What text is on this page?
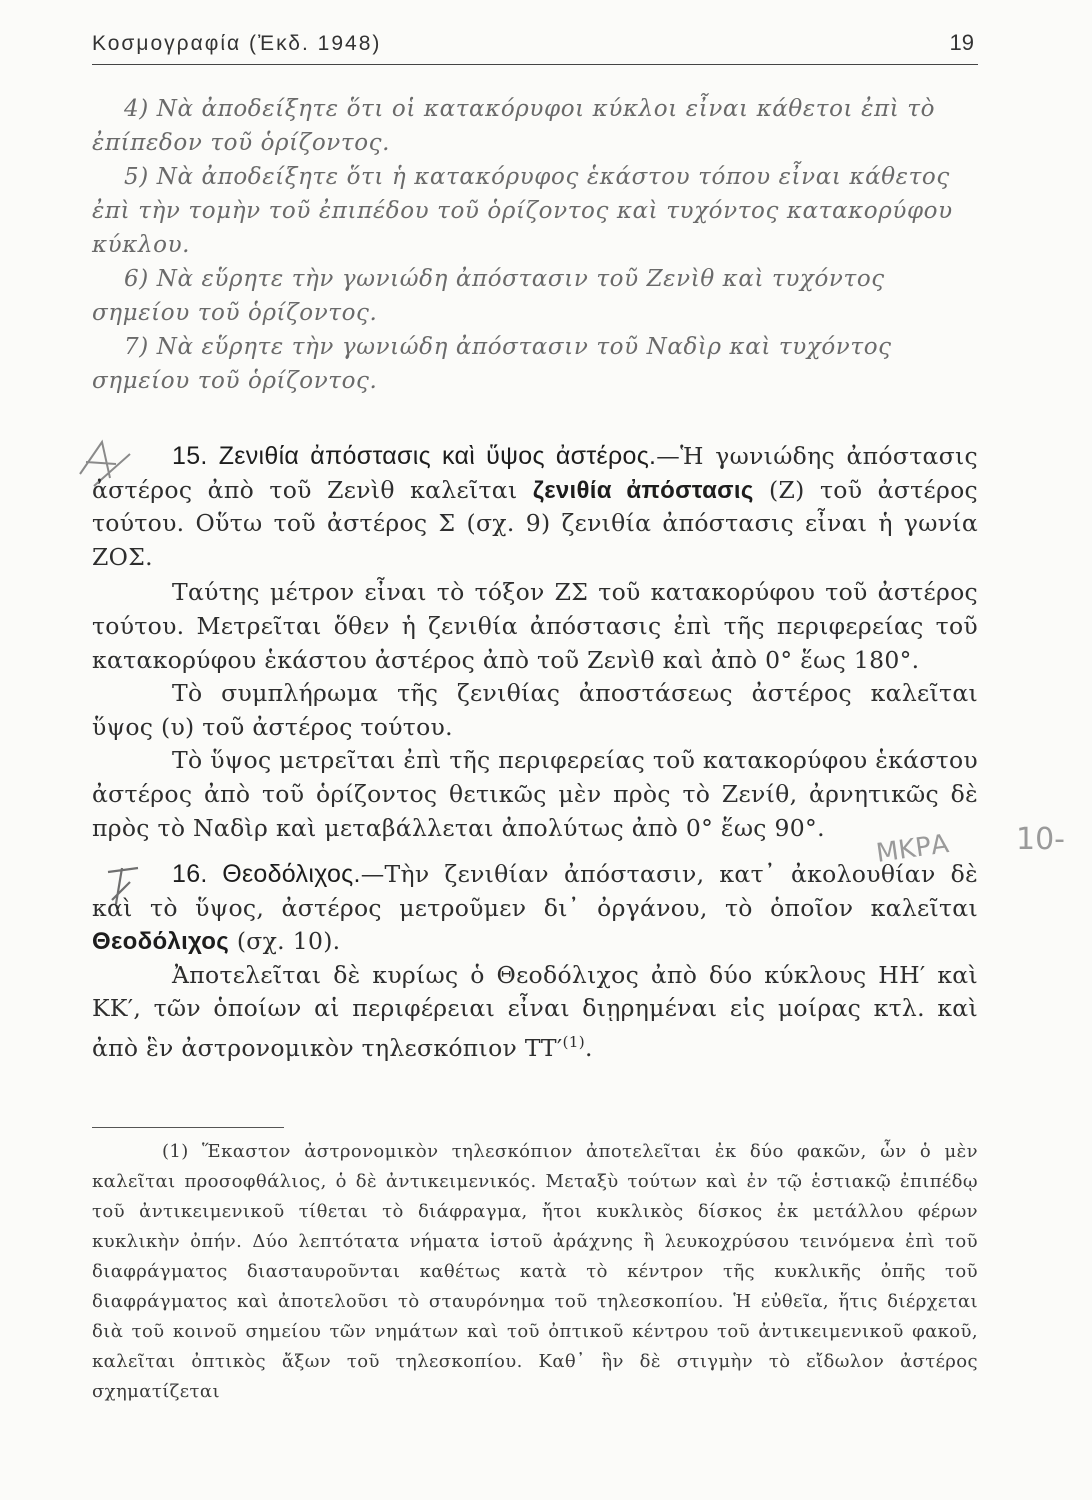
Κοσμογραφία (Ἐκδ. 1948)	19

4) Νὰ ἀποδείξητε ὅτι οἱ κατακόρυφοι κύκλοι εἶναι κάθετοι ἐπὶ τὸ

ἐπίπεδον τοῦ ὁρίζοντος.

5) Νὰ ἀποδείξητε ὅτι ἡ κατακόρυφος ἑκάστου τόπου εἶναι κάθετος

ἐπὶ τὴν τομὴν τοῦ ἐπιπέδου τοῦ ὁρίζοντος καὶ τυχόντος κατακορύφου

κύκλου.

6) Νὰ εὕρητε τὴν γωνιώδη ἀπόστασιν τοῦ Ζενὶθ καὶ τυχόντος

σημείου τοῦ ὁρίζοντος.

7) Νὰ εὕρητε τὴν γωνιώδη ἀπόστασιν τοῦ Ναδὶρ καὶ τυχόντος

σημείου τοῦ ὁρίζοντος.

15. Ζενιθία ἀπόστασις καὶ ὕψος ἀστέρος.—Ἡ γωνιώδης ἀπόστασις ἀστέρος ἀπὸ τοῦ Ζενὶθ καλεῖται ζενιθία ἀπόστασις (Ζ) τοῦ ἀστέρος τούτου. Οὕτω τοῦ ἀστέρος Σ (σχ. 9) ζενιθία ἀπόστασις εἶναι ἡ γωνία ΖΟΣ.

Ταύτης μέτρον εἶναι τὸ τόξον ΖΣ τοῦ κατακορύφου τοῦ ἀστέρος τούτου. Μετρεῖται ὅθεν ἡ ζενιθία ἀπόστασις ἐπὶ τῆς περιφερείας τοῦ κατακορύφου ἑκάστου ἀστέρος ἀπὸ τοῦ Ζενὶθ καὶ ἀπὸ 0° ἕως 180°.

Τὸ συμπλήρωμα τῆς ζενιθίας ἀποστάσεως ἀστέρος καλεῖται ὕψος (υ) τοῦ ἀστέρος τούτου.

Τὸ ὕψος μετρεῖται ἐπὶ τῆς περιφερείας τοῦ κατακορύφου ἑκάστου ἀστέρος ἀπὸ τοῦ ὁρίζοντος θετικῶς μὲν πρὸς τὸ Ζενίθ, ἀρνητικῶς δὲ πρὸς τὸ Ναδὶρ καὶ μεταβάλλεται ἀπολύτως ἀπὸ 0° ἕως 90°.

ΜΚΡΑ 10-

16. Θεοδόλιχος.—Τὴν ζενιθίαν ἀπόστασιν, κατ᾽ ἀκολουθίαν δὲ καὶ τὸ ὕψος, ἀστέρος μετροῦμεν δι᾽ ὀργάνου, τὸ ὁποῖον καλεῖται Θεοδόλιχος (σχ. 10).

Ἀποτελεῖται δὲ κυρίως ὁ Θεοδόλιχος ἀπὸ δύο κύκλους ΗΗ′ καὶ ΚΚ′, τῶν ὁποίων αἱ περιφέρειαι εἶναι διῃρημέναι εἰς μοίρας κτλ. καὶ ἀπὸ ἓν ἀστρονομικὸν τηλεσκόπιον $TT'^{(1)}$.

(1) Ἕκαστον ἀστρονομικὸν τηλεσκόπιον ἀποτελεῖται ἐκ δύο φακῶν, ὧν ὁ μὲν καλεῖται προσοφθάλιος, ὁ δὲ ἀντικειμενικός. Μεταξὺ τούτων καὶ ἐν τῷ ἑστιακῷ ἐπιπέδῳ τοῦ ἀντικειμενικοῦ τίθεται τὸ διάφραγμα, ἤτοι κυκλικὸς δίσκος ἐκ μετάλλου φέρων κυκλικὴν ὀπήν. Δύο λεπτότατα νήματα ἱστοῦ ἀράχνης ἢ λευκοχρύσου τεινόμενα ἐπὶ τοῦ διαφράγματος διασταυροῦνται καθέτως κατὰ τὸ κέντρον τῆς κυκλικῆς ὀπῆς τοῦ διαφράγματος καὶ ἀποτελοῦσι τὸ σταυρόνημα τοῦ τηλεσκοπίου. Ἡ εὐθεῖα, ἥτις διέρχεται διὰ τοῦ κοινοῦ σημείου τῶν νημάτων καὶ τοῦ ὀπτικοῦ κέντρου τοῦ ἀντικειμενικοῦ φακοῦ, καλεῖται ὀπτικὸς ἄξων τοῦ τηλεσκοπίου. Καθ᾽ ἣν δὲ στιγμὴν τὸ εἴδωλον ἀστέρος σχηματίζεται
